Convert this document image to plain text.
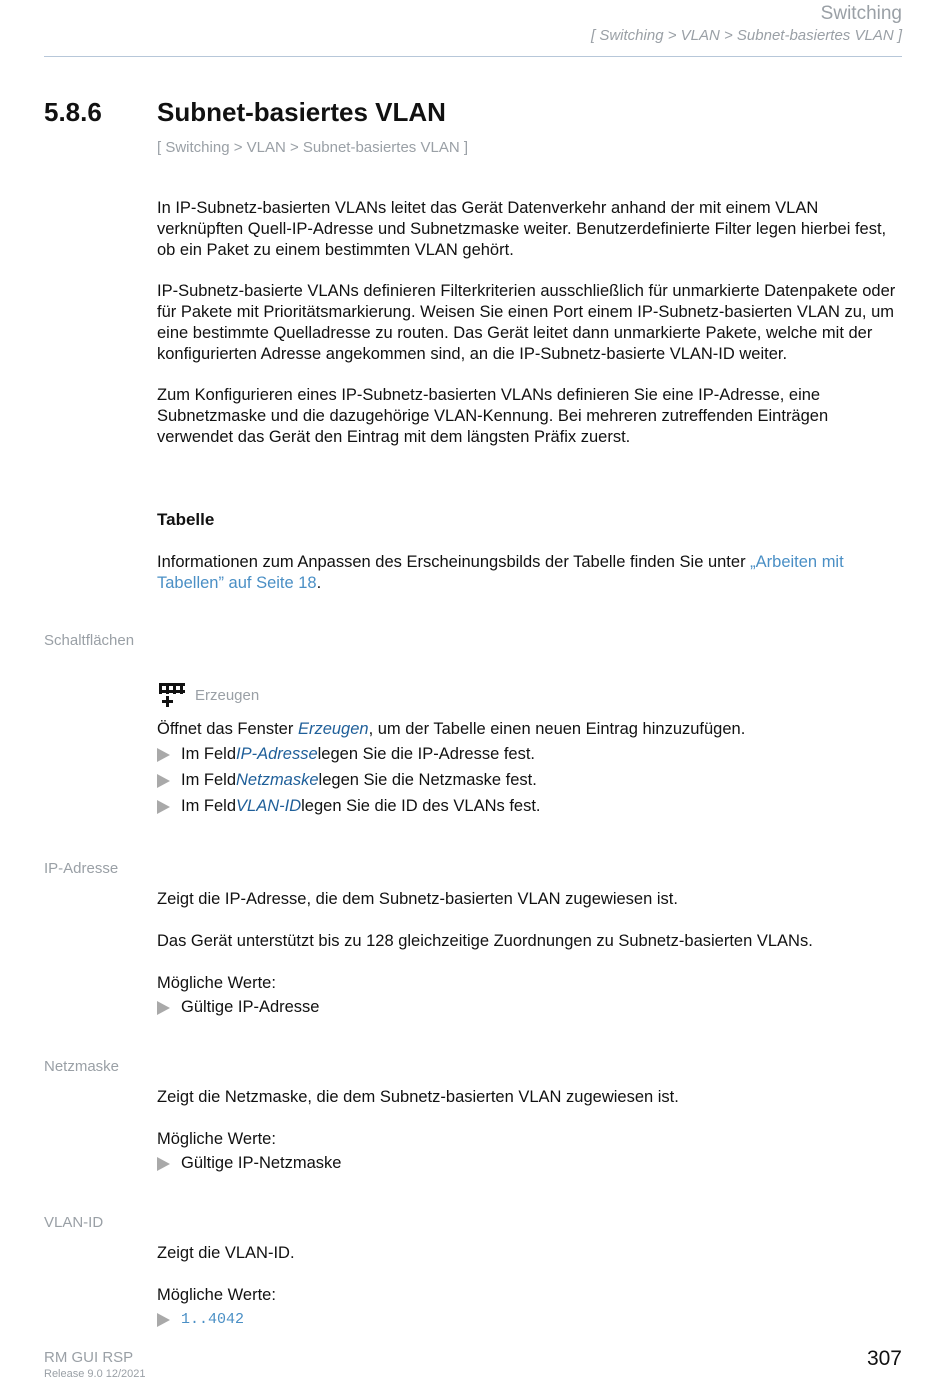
Switching
[ Switching > VLAN > Subnet-basiertes VLAN ]
5.8.6 Subnet-basiertes VLAN
[ Switching > VLAN > Subnet-basiertes VLAN ]

In IP-Subnetz-basierten VLANs leitet das Gerät Datenverkehr anhand der mit einem VLAN verknüpften Quell-IP-Adresse und Subnetzmaske weiter. Benutzerdefinierte Filter legen hierbei fest, ob ein Paket zu einem bestimmten VLAN gehört.

IP-Subnetz-basierte VLANs definieren Filterkriterien ausschließlich für unmarkierte Datenpakete oder für Pakete mit Prioritätsmarkierung. Weisen Sie einen Port einem IP-Subnetz-basierten VLAN zu, um eine bestimmte Quelladresse zu routen. Das Gerät leitet dann unmarkierte Pakete, welche mit der konfigurierten Adresse angekommen sind, an die IP-Subnetz-basierte VLAN-ID weiter.

Zum Konfigurieren eines IP-Subnetz-basierten VLANs definieren Sie eine IP-Adresse, eine Subnetzmaske und die dazugehörige VLAN-Kennung. Bei mehreren zutreffenden Einträgen verwendet das Gerät den Eintrag mit dem längsten Präfix zuerst.

Tabelle
Informationen zum Anpassen des Erscheinungsbilds der Tabelle finden Sie unter „Arbeiten mit Tabellen” auf Seite 18.
Schaltflächen
Erzeugen
Öffnet das Fenster Erzeugen, um der Tabelle einen neuen Eintrag hinzuzufügen.
Im Feld IP-Adresse legen Sie die IP-Adresse fest.
Im Feld Netzmaske legen Sie die Netzmaske fest.
Im Feld VLAN-ID legen Sie die ID des VLANs fest.
IP-Adresse
Zeigt die IP-Adresse, die dem Subnetz-basierten VLAN zugewiesen ist.
Das Gerät unterstützt bis zu 128 gleichzeitige Zuordnungen zu Subnetz-basierten VLANs.
Mögliche Werte:
Gültige IP-Adresse
Netzmaske
Zeigt die Netzmaske, die dem Subnetz-basierten VLAN zugewiesen ist.
Mögliche Werte:
Gültige IP-Netzmaske
VLAN-ID
Zeigt die VLAN-ID.
Mögliche Werte:
1..4042
RM GUI RSP
Release 9.0 12/2021
307
